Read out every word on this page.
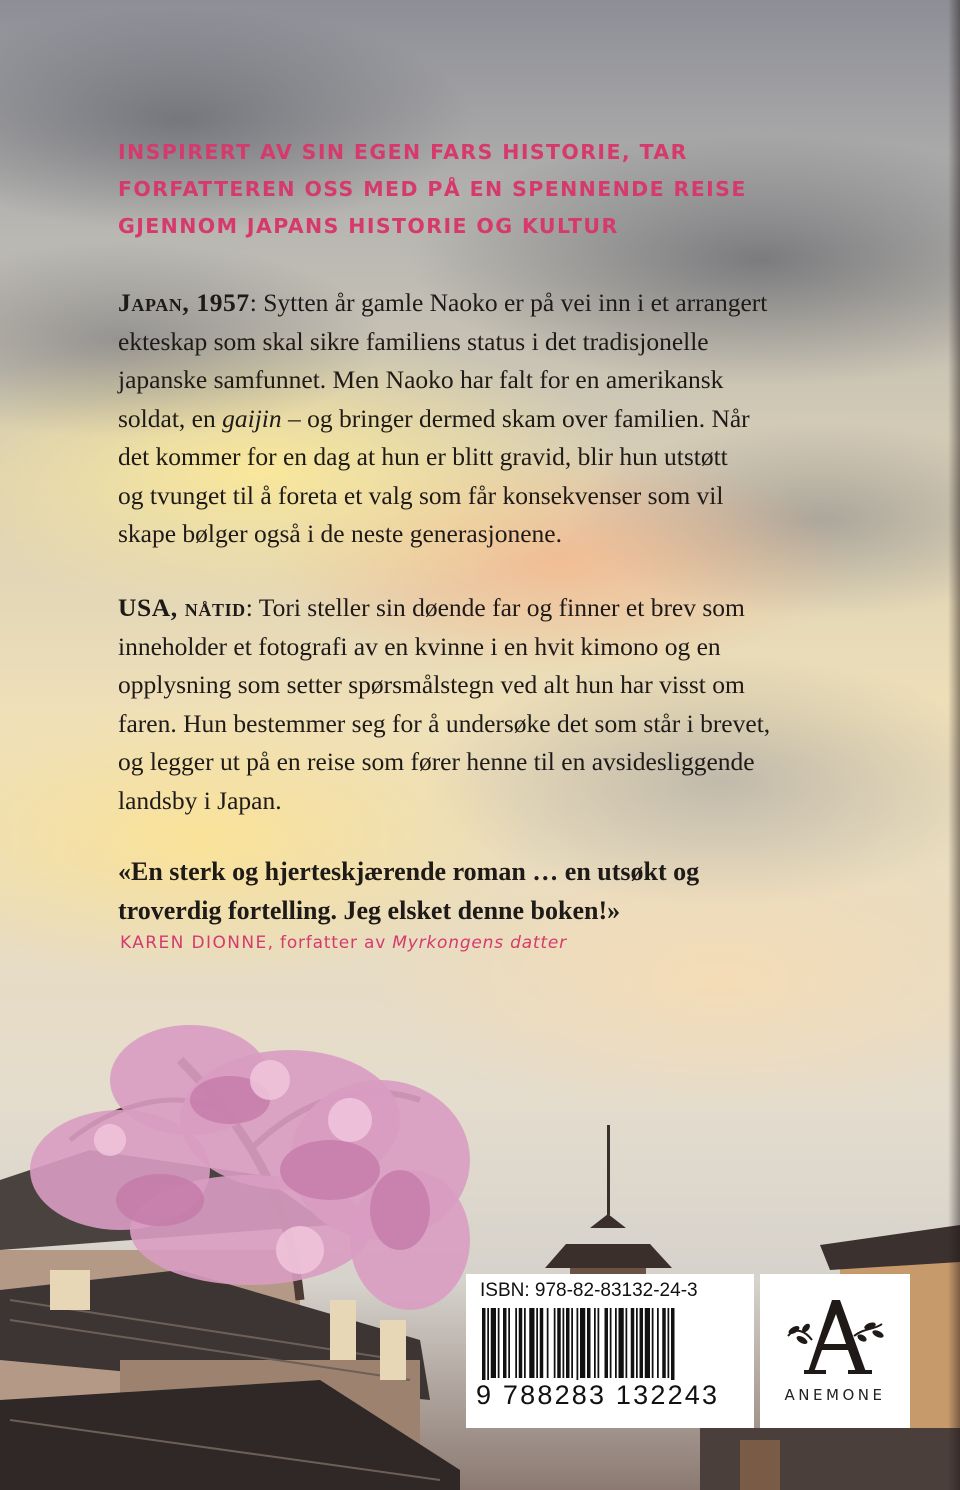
INSPIRERT AV SIN EGEN FARS HISTORIE, TAR
FORFATTEREN OSS MED PÅ EN SPENNENDE REISE
GJENNOM JAPANS HISTORIE OG KULTUR
Japan, 1957: Sytten år gamle Naoko er på vei inn i et arrangert
ekteskap som skal sikre familiens status i det tradisjonelle
japanske samfunnet. Men Naoko har falt for en amerikansk
soldat, en gaijin – og bringer dermed skam over familien. Når
det kommer for en dag at hun er blitt gravid, blir hun utstøtt
og tvunget til å foreta et valg som får konsekvenser som vil
skape bølger også i de neste generasjonene.
USA, nåtid: Tori steller sin døende far og finner et brev som
inneholder et fotografi av en kvinne i en hvit kimono og en
opplysning som setter spørsmålstegn ved alt hun har visst om
faren. Hun bestemmer seg for å undersøke det som står i brevet,
og legger ut på en reise som fører henne til en avsidesliggende
landsby i Japan.
«En sterk og hjerteskjærende roman … en utsøkt og
troverdig fortelling. Jeg elsket denne boken!»
KAREN DIONNE, forfatter av Myrkongens datter
ISBN: 978-82-83132-24-3
9 788283 132243	ANEMONE
